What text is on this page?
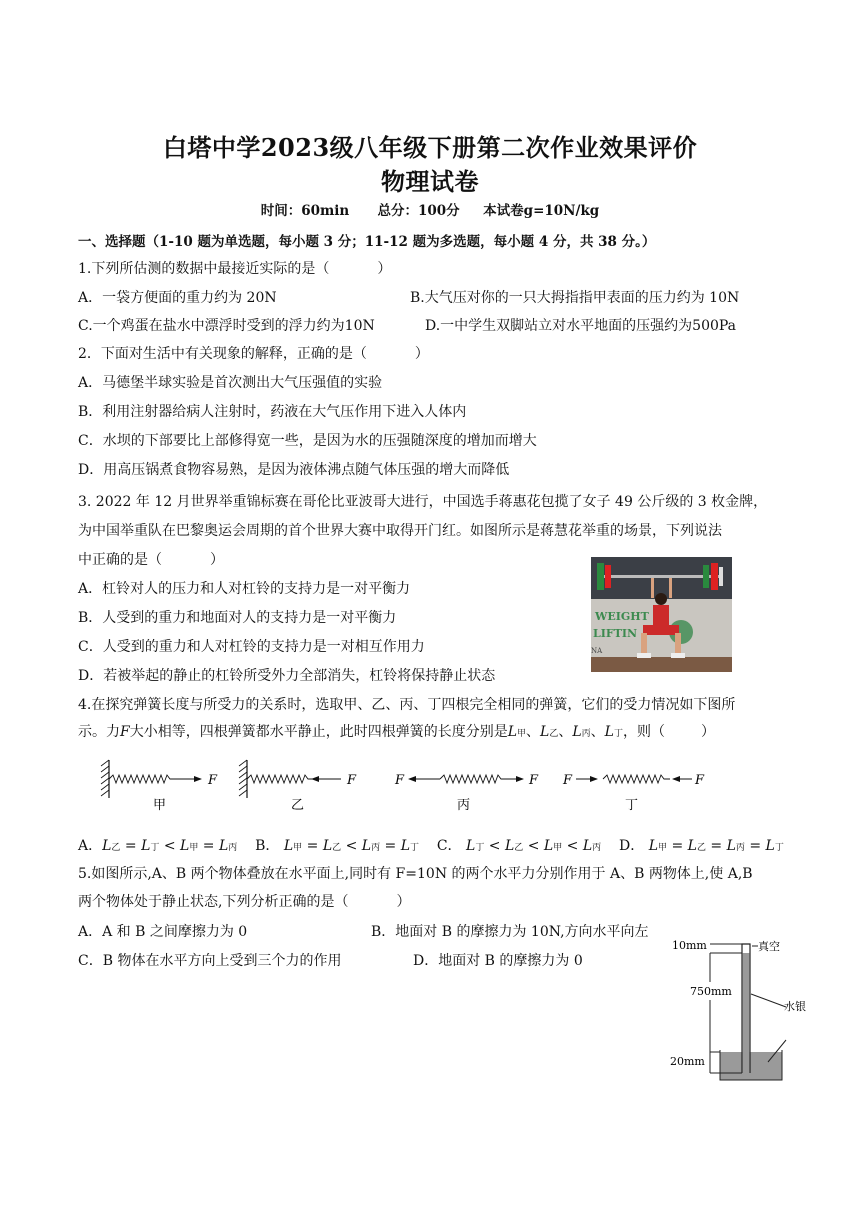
白塔中学2023级八年级下册第二次作业效果评价
物理试卷
时间：60min 总分：100分 本试卷g=10N/kg
一、选择题（1-10 题为单选题，每小题 3 分；11-12 题为多选题，每小题 4 分，共 38 分。）
1.下列所估测的数据中最接近实际的是（	）
A．一袋方便面的重力约为 20N	B.大气压对你的一只大拇指指甲表面的压力约为 10N
C.一个鸡蛋在盐水中漂浮时受到的浮力约为10N	D.一中学生双脚站立对水平地面的压强约为500Pa
2．下面对生活中有关现象的解释，正确的是（	）
A．马德堡半球实验是首次测出大气压强值的实验
B．利用注射器给病人注射时，药液在大气压作用下进入人体内
C．水坝的下部要比上部修得宽一些，是因为水的压强随深度的增加而增大
D．用高压锅煮食物容易熟，是因为液体沸点随气体压强的增大而降低
3. 2022 年 12 月世界举重锦标赛在哥伦比亚波哥大进行，中国选手蒋惠花包揽了女子 49 公斤级的 3 枚金牌，
为中国举重队在巴黎奥运会周期的首个世界大赛中取得开门红。如图所示是蒋慧花举重的场景，下列说法
中正确的是（	）
A．杠铃对人的压力和人对杠铃的支持力是一对平衡力
B．人受到的重力和地面对人的支持力是一对平衡力
C．人受到的重力和人对杠铃的支持力是一对相互作用力
D．若被举起的静止的杠铃所受外力全部消失，杠铃将保持静止状态
WEIGHT
LIFTIN
NA
4.在探究弹簧长度与所受力的关系时，选取甲、乙、丙、丁四根完全相同的弹簧，它们的受力情况如下图所
示。力F大小相等，四根弹簧都水平静止，此时四根弹簧的长度分别是L甲、L乙、L丙、L丁，则（	）
F
甲
F
乙
F	F
丙
F	F
丁
A．L乙 = L丁 < L甲 = L丙 B． L甲 = L乙 < L丙 = L丁 C． L丁 < L乙 < L甲 < L丙 D． L甲 = L乙 = L丙 = L丁
5.如图所示,A、B 两个物体叠放在水平面上,同时有 F=10N 的两个水平力分别作用于 A、B 两物体上,使 A,B
两个物体处于静止状态,下列分析正确的是（	）
A．A 和 B 之间摩擦力为 0	B．地面对 B 的摩擦力为 10N,方向水平向左
C．B 物体在水平方向上受到三个力的作用	D．地面对 B 的摩擦力为 0
10mm	真空
750mm
水银
20mm
